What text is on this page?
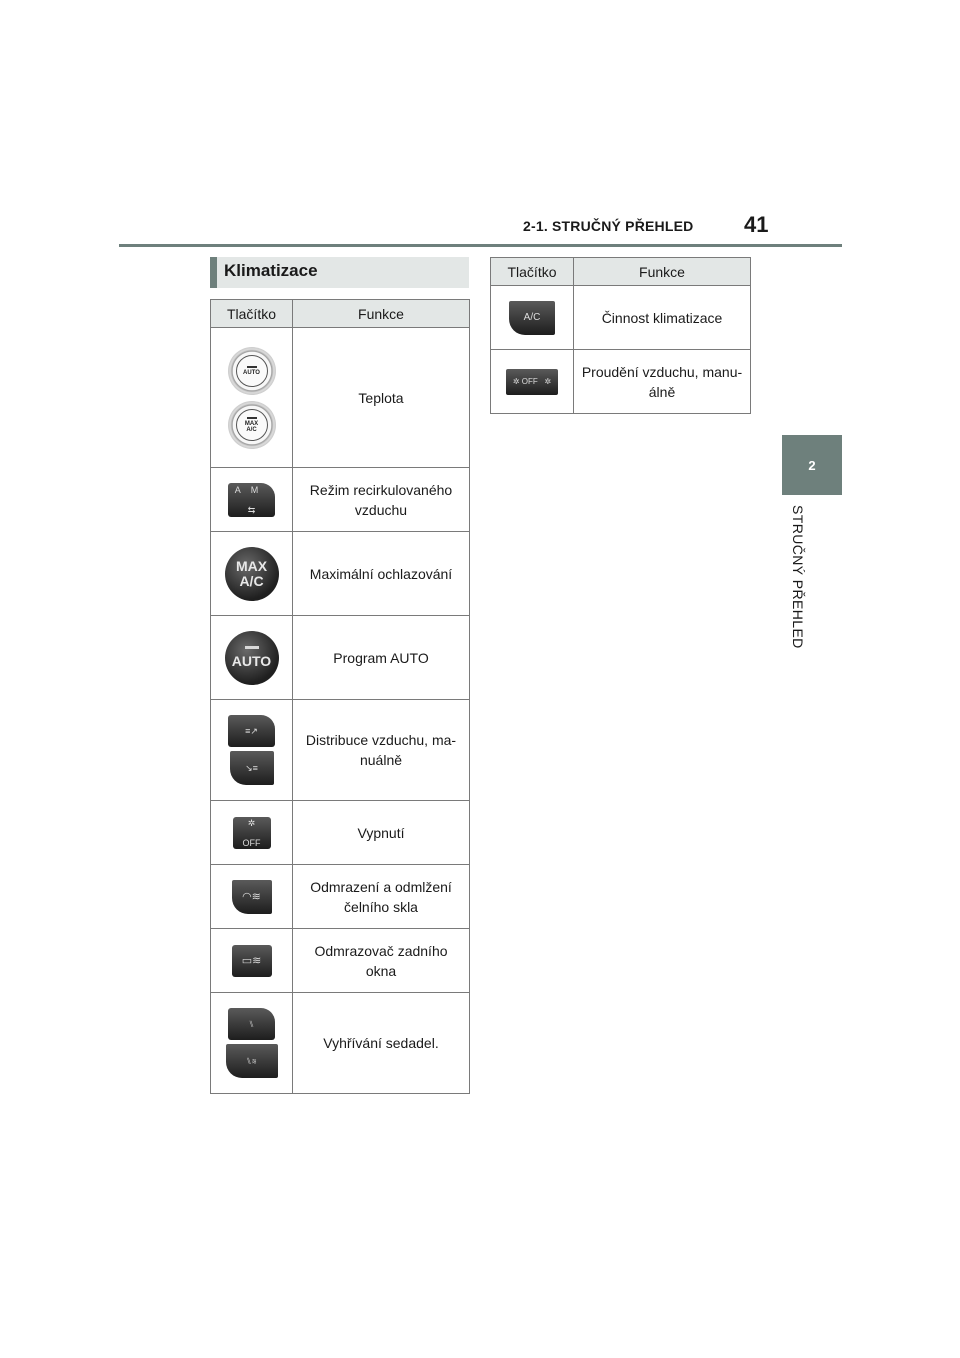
2-1. STRUČNÝ PŘEHLED 41
2
STRUČNÝ PŘEHLED
Klimatizace
Tlačítko	Funkce

AUTO
MAX
A/C	Teplota

AM
⇆	Režim recirkulovaného vzduchu

MAX
A/C	Maximální ochlazování

AUTO	Program AUTO

≡↗
↘≡	Distribuce vzduchu, ma-nuálně

✲
OFF	Vypnutí

◠≋	Odmrazení a odmlžení čelního skla

▭≋	Odmrazovač zadního okna

⑊
⑊≋	Vyhřívání sedadel.
Tlačítko	Funkce

A/C	Činnost klimatizace

✲ OFF   ✲	Proudění vzduchu, manu-álně
